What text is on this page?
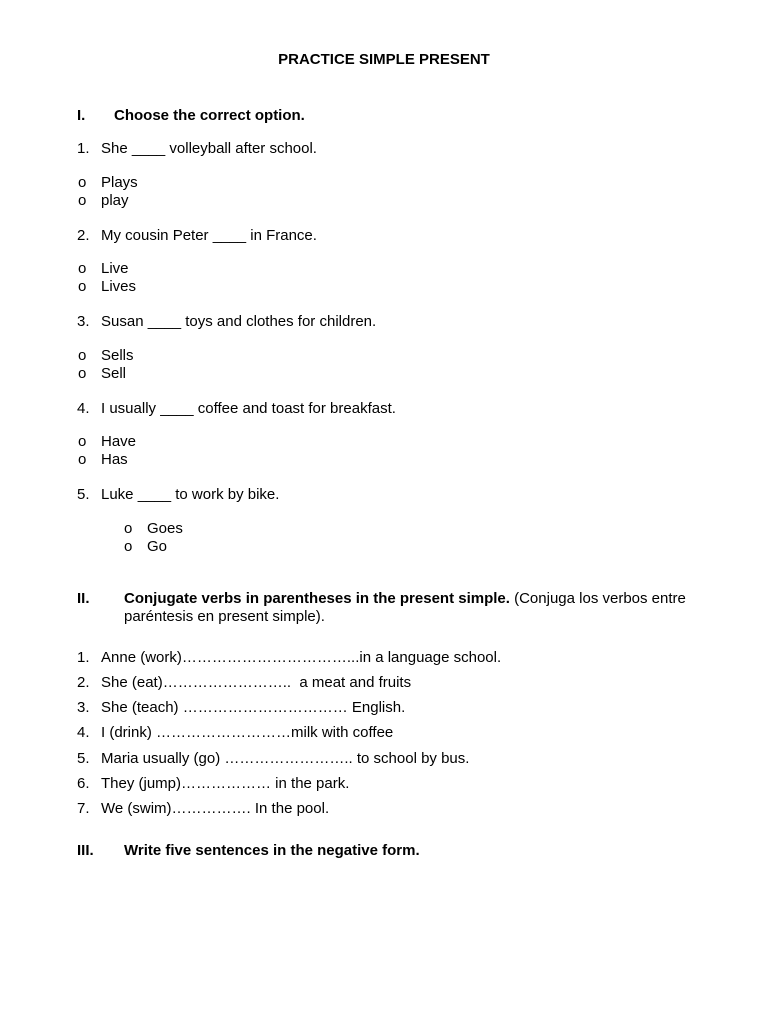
PRACTICE SIMPLE PRESENT
I. Choose the correct option.
1. She ____ volleyball after school.
o Plays
o play
2. My cousin Peter ____ in France.
o Live
o Lives
3. Susan ____ toys and clothes for children.
o Sells
o Sell
4. I usually ____ coffee and toast for breakfast.
o Have
o Has
5. Luke ____ to work by bike.
o Goes
o Go
II. Conjugate verbs in parentheses in the present simple. (Conjuga los verbos entre paréntesis en present simple).
1. Anne (work)……………………………...in a language school.
2. She (eat)……………………..  a meat and fruits
3. She (teach) …………………………… English.
4. I (drink) ………………………milk with coffee
5. Maria usually (go) …………………….. to school by bus.
6. They (jump)……………… in the park.
7. We (swim)……………. In the pool.
III. Write five sentences in the negative form.
